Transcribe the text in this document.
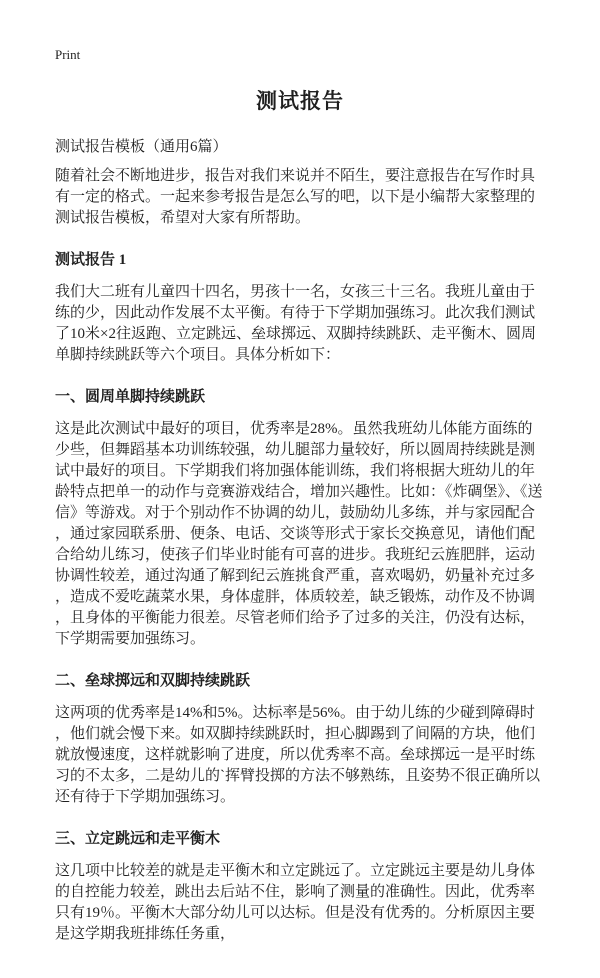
Print
测试报告

测试报告模板（通用6篇）

随着社会不断地进步，报告对我们来说并不陌生，要注意报告在写作时具有一定的格式。一起来参考报告是怎么写的吧，以下是小编帮大家整理的测试报告模板，希望对大家有所帮助。

测试报告 1

我们大二班有儿童四十四名，男孩十一名，女孩三十三名。我班儿童由于练的少，因此动作发展不太平衡。有待于下学期加强练习。此次我们测试了10米×2往返跑、立定跳远、垒球掷远、双脚持续跳跃、走平衡木、圆周单脚持续跳跃等六个项目。具体分析如下：

一、圆周单脚持续跳跃

这是此次测试中最好的项目，优秀率是28%。虽然我班幼儿体能方面练的少些，但舞蹈基本功训练较强，幼儿腿部力量较好，所以圆周持续跳是测试中最好的项目。下学期我们将加强体能训练，我们将根据大班幼儿的年龄特点把单一的动作与竞赛游戏结合，增加兴趣性。比如：《炸碉堡》、《送信》等游戏。对于个别动作不协调的幼儿，鼓励幼儿多练，并与家园配合，通过家园联系册、便条、电话、交谈等形式于家长交换意见，请他们配合给幼儿练习，使孩子们毕业时能有可喜的进步。我班纪云旌肥胖，运动协调性较差，通过沟通了解到纪云旌挑食严重，喜欢喝奶，奶量补充过多，造成不爱吃蔬菜水果，身体虚胖，体质较差，缺乏锻炼，动作及不协调，且身体的平衡能力很差。尽管老师们给予了过多的关注，仍没有达标，下学期需要加强练习。

二、垒球掷远和双脚持续跳跃

这两项的优秀率是14%和5%。达标率是56%。由于幼儿练的少碰到障碍时，他们就会慢下来。如双脚持续跳跃时，担心脚踢到了间隔的方块，他们就放慢速度，这样就影响了进度，所以优秀率不高。垒球掷远一是平时练习的不太多，二是幼儿的`挥臂投掷的方法不够熟练，且姿势不很正确所以还有待于下学期加强练习。

三、立定跳远和走平衡木

这几项中比较差的就是走平衡木和立定跳远了。立定跳远主要是幼儿身体的自控能力较差，跳出去后站不住，影响了测量的准确性。因此，优秀率只有19％。平衡木大部分幼儿可以达标。但是没有优秀的。分析原因主要是这学期我班排练任务重，
